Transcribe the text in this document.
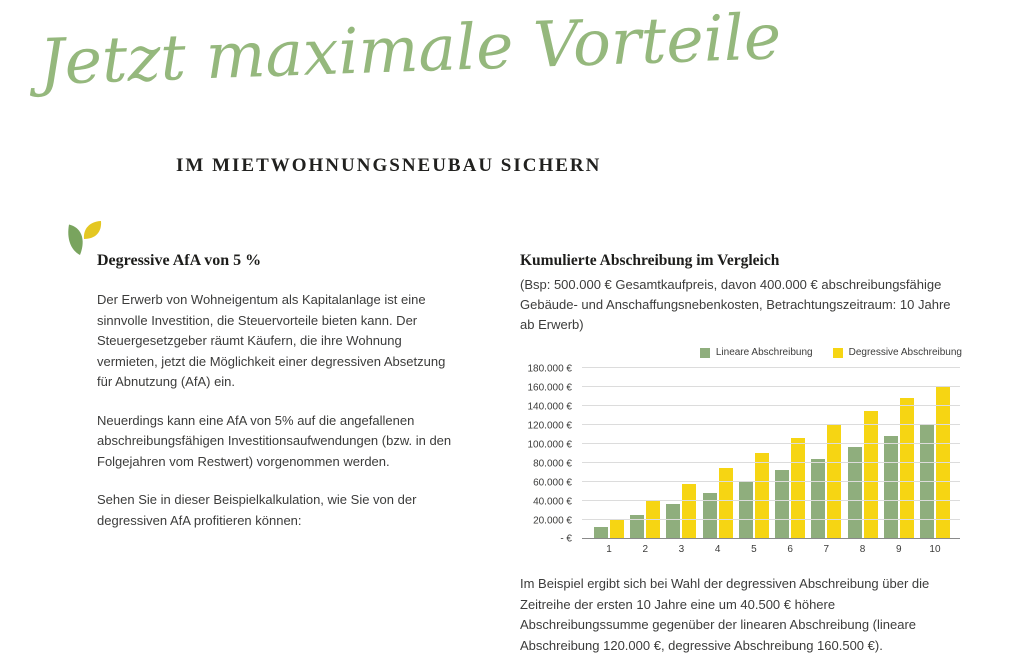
Jetzt maximale Vorteile
IM MIETWOHNUNGSNEUBAU SICHERN
Degressive AfA von 5 %

Der Erwerb von Wohneigentum als Kapitalanlage ist eine sinnvolle Investition, die Steuervorteile bieten kann. Der Steuergesetzgeber räumt Käufern, die ihre Wohnung vermieten, jetzt die Möglichkeit einer degressiven Absetzung für Abnutzung (AfA) ein.

Neuerdings kann eine AfA von 5% auf die angefallenen abschreibungsfähigen Investitionsaufwendungen (bzw. in den Folgejahren vom Restwert) vorgenommen werden.

Sehen Sie in dieser Beispielkalkulation, wie Sie von der degressiven AfA profitieren können:

Kumulierte Abschreibung im Vergleich
(Bsp: 500.000 € Gesamtkaufpreis, davon 400.000 € abschreibungsfähige Gebäude- und Anschaffungsnebenkosten, Betrachtungszeitraum: 10 Jahre ab Erwerb)
Lineare Abschreibung	Degressive Abschreibung
180.000 €
160.000 €
140.000 €
120.000 €
100.000 €
80.000 €
60.000 €
40.000 €
20.000 €
- €
1	2	3	4	5	6	7	8	9	10

Im Beispiel ergibt sich bei Wahl der degressiven Abschreibung über die Zeitreihe der ersten 10 Jahre eine um 40.500 € höhere Abschreibungssumme gegenüber der linearen Abschreibung (lineare Abschreibung 120.000 €, degressive Abschreibung 160.500 €).
